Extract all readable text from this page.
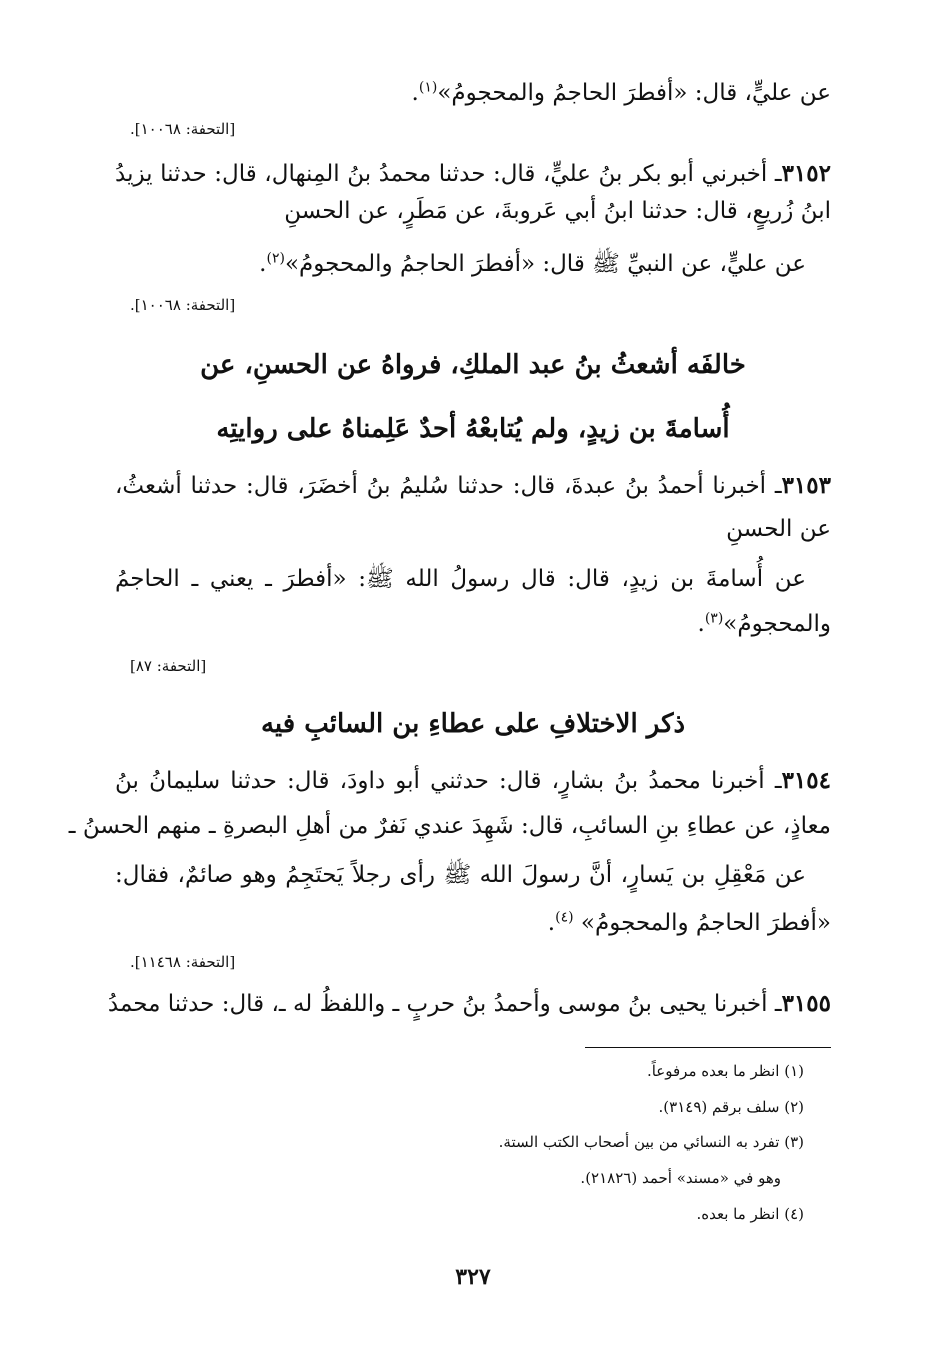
عن عليٍّ، قال: «أفطرَ الحاجمُ والمحجومُ»$^{(١)}$.
[التحفة: ١٠٠٦٨].
٣١٥٢ـ أخبرني أبو بكر بنُ عليٍّ، قال: حدثنا محمدُ بنُ المِنهال، قال: حدثنا يزيدُ
ابنُ زُريعٍ، قال: حدثنا ابنُ أبي عَروبةَ، عن مَطَرٍ، عن الحسنِ
عن عليٍّ، عن النبيِّ ﷺ قال: «أفطرَ الحاجمُ والمحجومُ»$^{(٢)}$.
[التحفة: ١٠٠٦٨].
خالفَه أشعثُ بنُ عبد الملكِ، فرواهُ عن الحسنِ، عن
أُسامةَ بن زيدٍ، ولم يُتابعْهُ أحدٌ عَلِمناهُ على روايتِه
٣١٥٣ـ أخبرنا أحمدُ بنُ عبدةَ، قال: حدثنا سُليمُ بنُ أخضَرَ، قال: حدثنا أشعثُ،
عن الحسنِ
عن أُسامةَ بن زيدٍ، قال: قال رسولُ الله ﷺ: «أفطرَ ـ يعني ـ الحاجمُ
والمحجومُ»$^{(٣)}$.
[التحفة: ٨٧]
ذكر الاختلافِ على عطاءِ بن السائبِ فيه
٣١٥٤ـ أخبرنا محمدُ بنُ بشارٍ، قال: حدثني أبو داودَ، قال: حدثنا سليمانُ بنُ
معاذٍ، عن عطاءِ بنِ السائبِ، قال: شَهِدَ عندي نَفرٌ من أهلِ البصرةِ ـ منهم الحسنُ ـ
عن مَعْقِلِ بن يَسارٍ، أنَّ رسولَ الله ﷺ رأى رجلاً يَحتَجِمُ وهو صائمٌ، فقال:
«أفطرَ الحاجمُ والمحجومُ» $^{(٤)}$.
[التحفة: ١١٤٦٨].
٣١٥٥ـ أخبرنا يحيى بنُ موسى وأحمدُ بنُ حربٍ ـ واللفظُ له ـ، قال: حدثنا محمدُ
(١) انظر ما بعده مرفوعاً.
(٢) سلف برقم (٣١٤٩).
(٣) تفرد به النسائي من بين أصحاب الكتب الستة.
وهو في «مسند» أحمد (٢١٨٢٦).
(٤) انظر ما بعده.
٣٢٧
